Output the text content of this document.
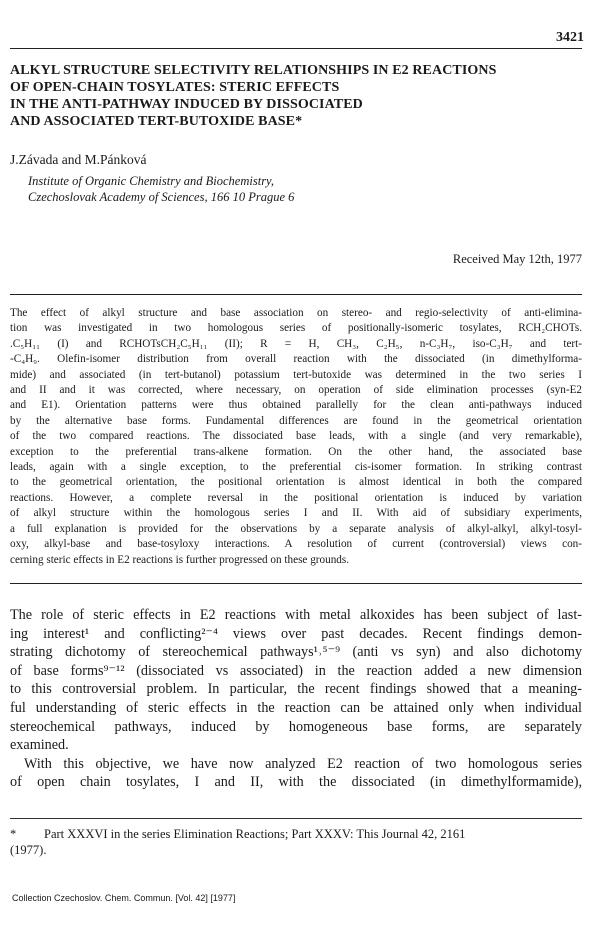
3421
ALKYL STRUCTURE SELECTIVITY RELATIONSHIPS IN E2 REACTIONS
OF OPEN-CHAIN TOSYLATES: STERIC EFFECTS
IN THE ANTI-PATHWAY INDUCED BY DISSOCIATED
AND ASSOCIATED TERT-BUTOXIDE BASE*
J.Závada and M.Pánková
Institute of Organic Chemistry and Biochemistry,
Czechoslovak Academy of Sciences, 166 10 Prague 6
Received May 12th, 1977
The effect of alkyl structure and base association on stereo- and regio-selectivity of anti-elimina-
tion was investigated in two homologous series of positionally-isomeric tosylates, RCH₂CHOTs.
.C₅H₁₁ (I) and RCHOTsCH₂C₅H₁₁ (II); R = H, CH₃, C₂H₅, n-C₃H₇, iso-C₃H₇ and tert-
-C₄H₉. Olefin-isomer distribution from overall reaction with the dissociated (in dimethylforma-
mide) and associated (in tert-butanol) potassium tert-butoxide was determined in the two series I
and II and it was corrected, where necessary, on operation of side elimination processes (syn-E2
and E1). Orientation patterns were thus obtained parallelly for the clean anti-pathways induced
by the alternative base forms. Fundamental differences are found in the geometrical orientation
of the two compared reactions. The dissociated base leads, with a single (and very remarkable),
exception to the preferential trans-alkene formation. On the other hand, the associated base
leads, again with a single exception, to the preferential cis-isomer formation. In striking contrast
to the geometrical orientation, the positional orientation is almost identical in both the compared
reactions. However, a complete reversal in the positional orientation is induced by variation
of alkyl structure within the homologous series I and II. With aid of subsidiary experiments,
a full explanation is provided for the observations by a separate analysis of alkyl-alkyl, alkyl-tosyl-
oxy, alkyl-base and base-tosyloxy interactions. A resolution of current (controversial) views con-
cerning steric effects in E2 reactions is further progressed on these grounds.
The role of steric effects in E2 reactions with metal alkoxides has been subject of last-
ing interest¹ and conflicting²⁻⁴ views over past decades. Recent findings demon-
strating dichotomy of stereochemical pathways¹˒⁵⁻⁹ (anti vs syn) and also dichotomy
of base forms⁹⁻¹² (dissociated vs associated) in the reaction added a new dimension
to this controversial problem. In particular, the recent findings showed that a meaning-
ful understanding of steric effects in the reaction can be attained only when individual
stereochemical pathways, induced by homogeneous base forms, are separately
examined.
With this objective, we have now analyzed E2 reaction of two homologous series
of open chain tosylates, I and II, with the dissociated (in dimethylformamide),
* Part XXXVI in the series Elimination Reactions; Part XXXV: This Journal 42, 2161
(1977).
Collection Czechoslov. Chem. Commun. [Vol. 42] [1977]
